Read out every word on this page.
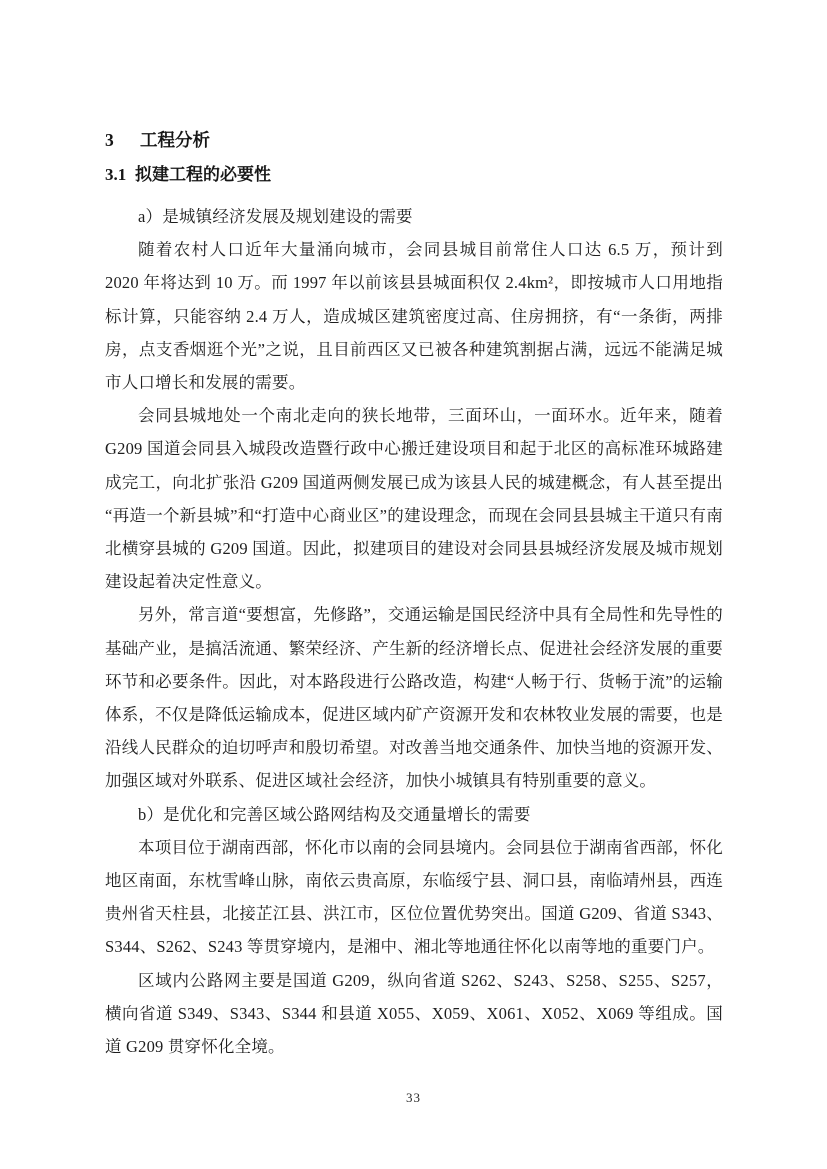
3 工程分析
3.1 拟建工程的必要性

a）是城镇经济发展及规划建设的需要

随着农村人口近年大量涌向城市，会同县城目前常住人口达 6.5 万，预计到 2020 年将达到 10 万。而 1997 年以前该县县城面积仅 2.4km²，即按城市人口用地指标计算，只能容纳 2.4 万人，造成城区建筑密度过高、住房拥挤，有“一条街，两排房，点支香烟逛个光”之说，且目前西区又已被各种建筑割据占满，远远不能满足城市人口增长和发展的需要。

会同县城地处一个南北走向的狭长地带，三面环山，一面环水。近年来，随着 G209 国道会同县入城段改造暨行政中心搬迁建设项目和起于北区的高标准环城路建成完工，向北扩张沿 G209 国道两侧发展已成为该县人民的城建概念，有人甚至提出“再造一个新县城”和“打造中心商业区”的建设理念，而现在会同县县城主干道只有南北横穿县城的 G209 国道。因此，拟建项目的建设对会同县县城经济发展及城市规划建设起着决定性意义。

另外，常言道“要想富，先修路”，交通运输是国民经济中具有全局性和先导性的基础产业，是搞活流通、繁荣经济、产生新的经济增长点、促进社会经济发展的重要环节和必要条件。因此，对本路段进行公路改造，构建“人畅于行、货畅于流”的运输体系，不仅是降低运输成本，促进区域内矿产资源开发和农林牧业发展的需要，也是沿线人民群众的迫切呼声和殷切希望。对改善当地交通条件、加快当地的资源开发、加强区域对外联系、促进区域社会经济，加快小城镇具有特别重要的意义。

b）是优化和完善区域公路网结构及交通量增长的需要

本项目位于湖南西部，怀化市以南的会同县境内。会同县位于湖南省西部，怀化地区南面，东枕雪峰山脉，南依云贵高原，东临绥宁县、洞口县，南临靖州县，西连贵州省天柱县，北接芷江县、洪江市，区位位置优势突出。国道 G209、省道 S343、S344、S262、S243 等贯穿境内，是湘中、湘北等地通往怀化以南等地的重要门户。

区域内公路网主要是国道 G209，纵向省道 S262、S243、S258、S255、S257，横向省道 S349、S343、S344 和县道 X055、X059、X061、X052、X069 等组成。国道 G209 贯穿怀化全境。

33
